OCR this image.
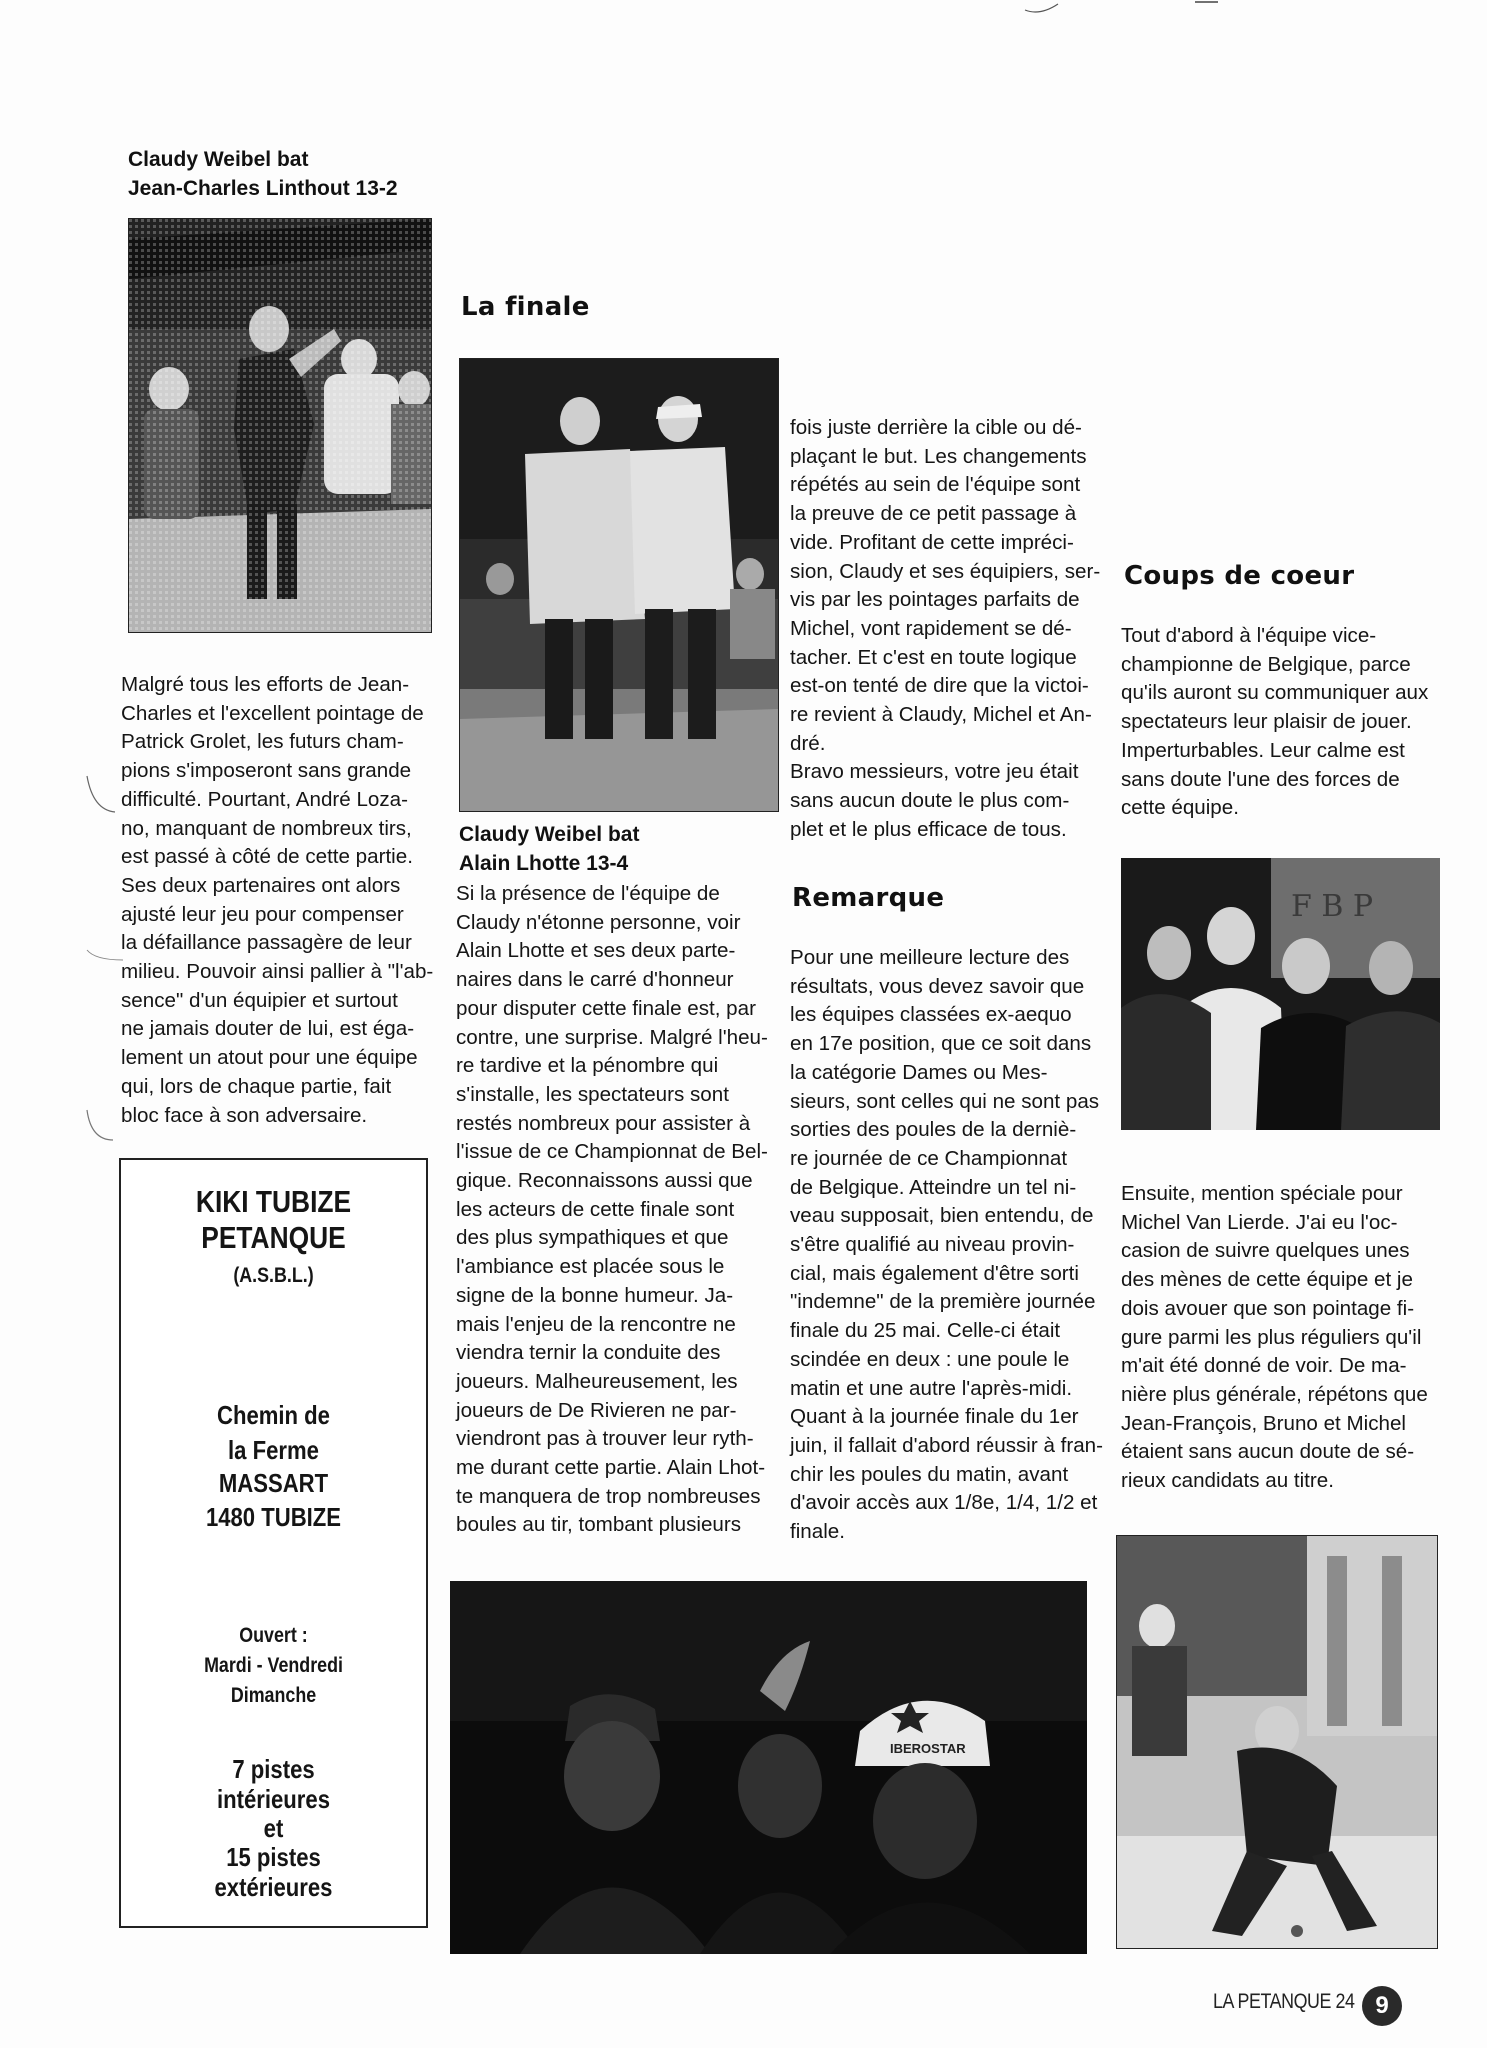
Claudy Weibel bat
Jean-Charles Linthout 13-2
Malgré tous les efforts de Jean-
Charles et l'excellent pointage de
Patrick Grolet, les futurs cham-
pions s'imposeront sans grande
difficulté. Pourtant, André Loza-
no, manquant de nombreux tirs,
est passé à côté de cette partie.
Ses deux partenaires ont alors
ajusté leur jeu pour compenser
la défaillance passagère de leur
milieu. Pouvoir ainsi pallier à "l'ab-
sence" d'un équipier et surtout
ne jamais douter de lui, est éga-
lement un atout pour une équipe
qui, lors de chaque partie, fait
bloc face à son adversaire.
KIKI TUBIZE
PETANQUE
(A.S.B.L.)
Chemin de
la Ferme
MASSART
1480 TUBIZE
Ouvert :
Mardi - Vendredi
Dimanche
7 pistes
intérieures
et
15 pistes
extérieures
La finale
Claudy Weibel bat
Alain Lhotte 13-4
Si la présence de l'équipe de
Claudy n'étonne personne, voir
Alain Lhotte et ses deux parte-
naires dans le carré d'honneur
pour disputer cette finale est, par
contre, une surprise. Malgré l'heu-
re tardive et la pénombre qui
s'installe, les spectateurs sont
restés nombreux pour assister à
l'issue de ce Championnat de Bel-
gique. Reconnaissons aussi que
les acteurs de cette finale sont
des plus sympathiques et que
l'ambiance est placée sous le
signe de la bonne humeur. Ja-
mais l'enjeu de la rencontre ne
viendra ternir la conduite des
joueurs. Malheureusement, les
joueurs de De Rivieren ne par-
viendront pas à trouver leur ryth-
me durant cette partie. Alain Lhot-
te manquera de trop nombreuses
boules au tir, tombant plusieurs
fois juste derrière la cible ou dé-
plaçant le but. Les changements
répétés au sein de l'équipe sont
la preuve de ce petit passage à
vide. Profitant de cette impréci-
sion, Claudy et ses équipiers, ser-
vis par les pointages parfaits de
Michel, vont rapidement se dé-
tacher. Et c'est en toute logique
est-on tenté de dire que la victoi-
re revient à Claudy, Michel et An-
dré.
Bravo messieurs, votre jeu était
sans aucun doute le plus com-
plet et le plus efficace de tous.
Remarque
Pour une meilleure lecture des
résultats, vous devez savoir que
les équipes classées ex-aequo
en 17e position, que ce soit dans
la catégorie Dames ou Mes-
sieurs, sont celles qui ne sont pas
sorties des poules de la derniè-
re journée de ce Championnat
de Belgique. Atteindre un tel ni-
veau supposait, bien entendu, de
s'être qualifié au niveau provin-
cial, mais également d'être sorti
"indemne" de la première journée
finale du 25 mai. Celle-ci était
scindée en deux : une poule le
matin et une autre l'après-midi.
Quant à la journée finale du 1er
juin, il fallait d'abord réussir à fran-
chir les poules du matin, avant
d'avoir accès aux 1/8e, 1/4, 1/2 et
finale.
Coups de coeur
Tout d'abord à l'équipe vice-
championne de Belgique, parce
qu'ils auront su communiquer aux
spectateurs leur plaisir de jouer.
Imperturbables. Leur calme est
sans doute l'une des forces de
cette équipe.
F B P
Ensuite, mention spéciale pour
Michel Van Lierde. J'ai eu l'oc-
casion de suivre quelques unes
des mènes de cette équipe et je
dois avouer que son pointage fi-
gure parmi les plus réguliers qu'il
m'ait été donné de voir. De ma-
nière plus générale, répétons que
Jean-François, Bruno et Michel
étaient sans aucun doute de sé-
rieux candidats au titre.
IBEROSTAR
LA PETANQUE 24 9
